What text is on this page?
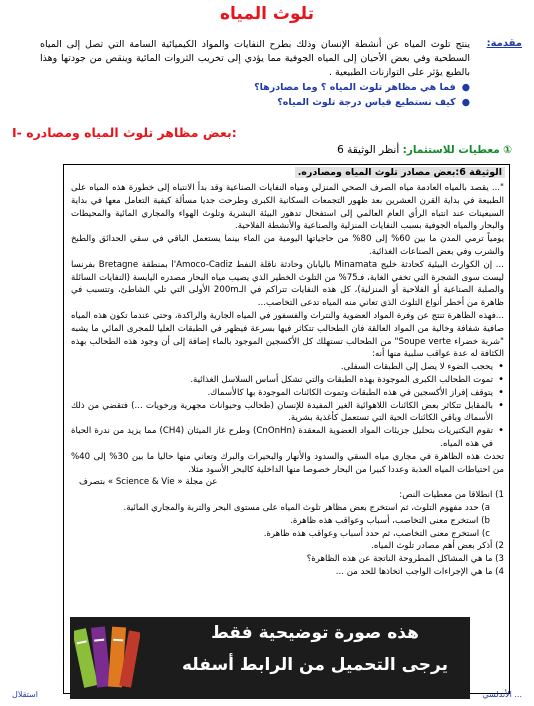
تلوث المياه
مقدمة:
ينتج تلوث المياه عن أنشطة الإنسان وذلك بطرح النفايات والمواد الكيميائية السامة التي تصل إلى المياه السطحية وفي بعض الأحيان إلى المياه الجوفية مما يؤدي إلى تخريب الثروات المائية وينقص من جودتها وهذا بالطبع يؤثر على التوازنات الطبيعية .
●فما هي مظاهر تلوث المياه ؟ وما مصادرها؟
●كيف نستطيع قياس درجة تلوث المياه؟
I- بعض مظاهر تلوث المياه ومصادره:
① معطيات للاستثمار: أنظر الوثيقة 6
الوثيقة 6:بعض مصادر تلوث المياه ومصادره.

"... يقصد بالمياه العادمة مياه الصرف الصحي المنزلي ومياه النفايات الصناعية وقد بدأ الانتباه إلى خطورة هذه المياه على الطبيعة في بداية القرن العشرين بعد ظهور التجمعات السكانية الكبرى وطرحت جديا مسألة كيفية التعامل معها في بداية السبعينات عند انتباه الرأي العام العالمي إلى استفحال تدهور البيئة البشرية وتلوث الهواء والمجاري المائية والمحيطات والبحار والمياه الجوفية بسبب النفايات المنزلية والصناعية والأنشطة الفلاحية.

يومياً ترمي المدن ما بين 60% إلى 80% من حاجياتها اليومية من الماء بينما يستعمل الباقي في سقي الحدائق والطبخ والشرب وفي بعض الصناعات الغذائية.

... إن الكوارث البيئية كحادثة خليج Minamata باليابان وحادثة ناقلة النفط l'Amoco-Cadiz بمنطقة Bretagne بفرنسا ليست سوى الشجرة التي تخفي الغابة، فـ75% من التلوث الخطير الذي يصيب مياه البحار مصدره اليابسة (النفايات السائلة والصلبة الصناعية أو الفلاحية أو المنزلية)، كل هذه النفايات تتراكم في الـ200m الأولى التي تلي الشاطئ، وتتسبب في ظاهرة من أخطر أنواع التلوث الذي تعاني منه المياه تدعى التخاصب...

...فهذه الظاهرة تنتج عن وفرة المواد العضوية والنترات والفسفور في المياه الجارية والراكدة، وحتى عندما تكون هذه المياه صافية شفافة وخالية من المواد العالقة فان الطحالب تتكاثر فيها بسرعة فيظهر في الطبقات العليا للمجرى المائي ما يشبه "شربة خضراء Soupe verte" من الطحالب تستهلك كل الأكسجين الموجود بالماء إضافة إلى أن وجود هذه الطحالب بهذه الكثافة له عدة عواقب سلبية منها أنه:

• يحجب الضوء لا يصل إلى الطبقات السفلى.

• تموت الطحالب الكبرى الموجودة بهذه الطبقات والتي تشكل أساس السلاسل الغذائية.

• يتوقف إفراز الأكسجين في هذه الطبقات وتموت الكائنات الموجودة بها كالأسماك.

• بالمقابل تتكاثر بعض الكائنات اللاهوائية الغير المفيدة للإنسان (طحالب وحيوانات مجهرية ورخويات ...) فتقضي من ذلك الأسماك وباقي الكائنات الحية التي تستعمل كأغذية بشرية.

• تقوم البكتيريات بتحليل جزيئات المواد العضوية المعقدة (CnOnHn) وطرح غاز الميثان (CH4) مما يزيد من ندرة الحياة في هذه المياه.

تحدث هذه الظاهرة في مجاري مياه السقي والسدود والأنهار والبحيرات والبرك وتعاني منها حاليا ما بين 30% إلى 40% من احتياطات المياه العذبة وعددا كبيرا من البحار خصوصا منها الداخلية كالبحر الأسود مثلا.

عن مجلة « Science & Vie » بتصرف

1) انطلاقا من معطيات النص:

a) حدد مفهوم التلوث، ثم استخرج بعض مظاهر تلوث المياه على مستوى البحر والتربة والمجاري المائية.

b) استخرج معنى التخاصب، أسباب وعواقب هذه ظاهرة.

c) استخرج معنى التخاصب، ثم حدد أسباب وعواقب هذه ظاهرة.

2) أذكر بعض أهم مصادر تلوث المياه.

3) ما هي المشاكل المطروحة الناتجة عن هذه الظاهرة؟

4) ما هي الإجراءات الواجب اتخاذها للحد من ...

استقلال	... الأندلسي
هذه صورة توضيحية فقط
يرجى التحميل من الرابط أسفله
